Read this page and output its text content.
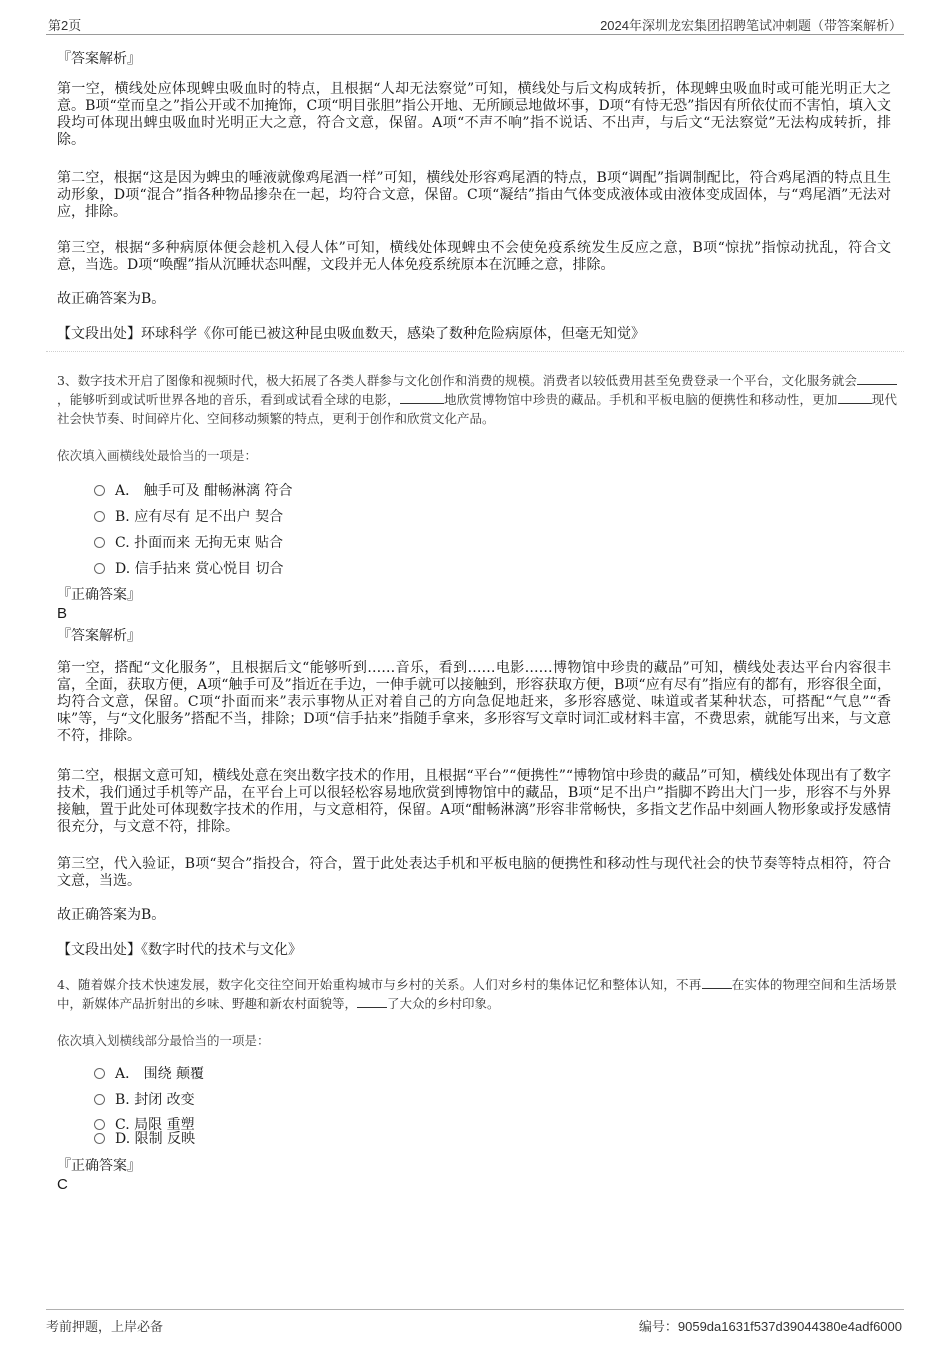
第2页	2024年深圳龙宏集团招聘笔试冲刺题（带答案解析）
『答案解析』
第一空，横线处应体现蜱虫吸血时的特点，且根据“人却无法察觉”可知，横线处与后文构成转折，体现蜱虫吸血时或可能光明正大之意。B项“堂而皇之”指公开或不加掩饰，C项“明目张胆”指公开地、无所顾忌地做坏事，D项“有恃无恐”指因有所依仗而不害怕，填入文段均可体现出蜱虫吸血时光明正大之意，符合文意，保留。A项“不声不响”指不说话、不出声，与后文“无法察觉”无法构成转折，排除。
第二空，根据“这是因为蜱虫的唾液就像鸡尾酒一样”可知，横线处形容鸡尾酒的特点，B项“调配”指调制配比，符合鸡尾酒的特点且生动形象，D项“混合”指各种物品掺杂在一起，均符合文意，保留。C项“凝结”指由气体变成液体或由液体变成固体，与“鸡尾酒”无法对应，排除。
第三空，根据“多种病原体便会趁机入侵人体”可知，横线处体现蜱虫不会使免疫系统发生反应之意，B项“惊扰”指惊动扰乱，符合文意，当选。D项“唤醒”指从沉睡状态叫醒，文段并无人体免疫系统原本在沉睡之意，排除。
故正确答案为B。
【文段出处】环球科学《你可能已被这种昆虫吸血数天，感染了数种危险病原体，但毫无知觉》
3、数字技术开启了图像和视频时代，极大拓展了各类人群参与文化创作和消费的规模。消费者以较低费用甚至免费登录一个平台，文化服务就会，能够听到或试听世界各地的音乐，看到或试看全球的电影，	地欣赏博物馆中珍贵的藏品。手机和平板电脑的便携性和移动性，更加	现代社会快节奏、时间碎片化、空间移动频繁的特点，更利于创作和欣赏文化产品。
依次填入画横线处最恰当的一项是：
A． 触手可及 酣畅淋漓 符合
B. 应有尽有 足不出户 契合
C. 扑面而来 无拘无束 贴合
D. 信手拈来 赏心悦目 切合
『正确答案』
B
『答案解析』
第一空，搭配“文化服务”，且根据后文“能够听到……音乐，看到……电影……博物馆中珍贵的藏品”可知，横线处表达平台内容很丰富，全面，获取方便，A项“触手可及”指近在手边，一伸手就可以接触到，形容获取方便，B项“应有尽有”指应有的都有，形容很全面，均符合文意，保留。C项“扑面而来”表示事物从正对着自己的方向急促地赶来，多形容感觉、味道或者某种状态，可搭配“气息”“香味”等，与“文化服务”搭配不当，排除；D项“信手拈来”指随手拿来，多形容写文章时词汇或材料丰富，不费思索，就能写出来，与文意不符，排除。
第二空，根据文意可知，横线处意在突出数字技术的作用，且根据“平台”“便携性”“博物馆中珍贵的藏品”可知，横线处体现出有了数字技术，我们通过手机等产品，在平台上可以很轻松容易地欣赏到博物馆中的藏品，B项“足不出户”指脚不跨出大门一步，形容不与外界接触，置于此处可体现数字技术的作用，与文意相符，保留。A项“酣畅淋漓”形容非常畅快，多指文艺作品中刻画人物形象或抒发感情很充分，与文意不符，排除。
第三空，代入验证，B项“契合”指投合，符合，置于此处表达手机和平板电脑的便携性和移动性与现代社会的快节奏等特点相符，符合文意，当选。
故正确答案为B。
【文段出处】《数字时代的技术与文化》
4、随着媒介技术快速发展，数字化交往空间开始重构城市与乡村的关系。人们对乡村的集体记忆和整体认知，不再 在实体的物理空间和生活场景中，新媒体产品折射出的乡味、野趣和新农村面貌等， 了大众的乡村印象。
依次填入划横线部分最恰当的一项是：
A． 围绕 颠覆
B. 封闭 改变
C. 局限 重塑
D. 限制 反映
『正确答案』
C
考前押题，上岸必备	编号：9059da1631f537d39044380e4adf6000
